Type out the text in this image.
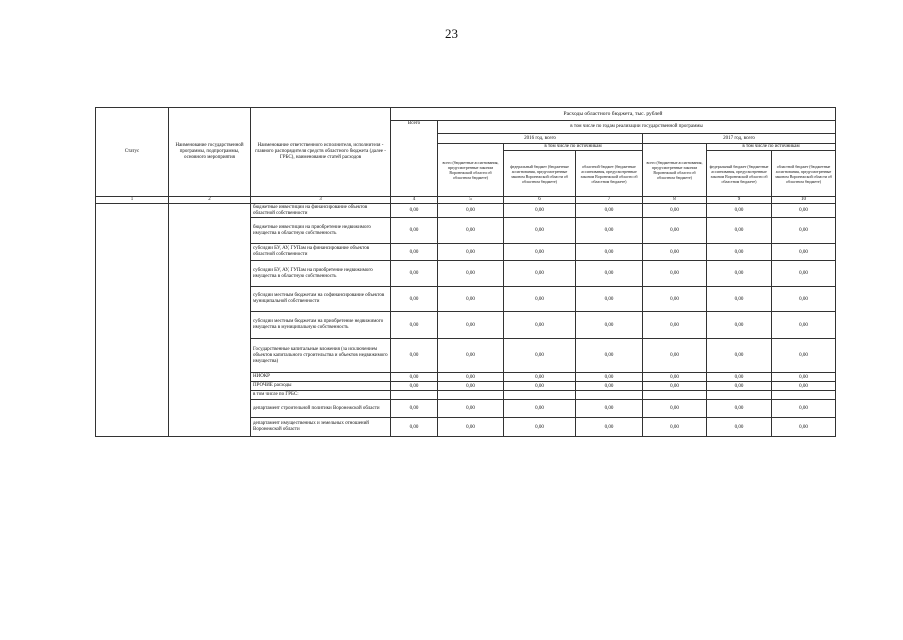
23
Статус	Наименование государственной программы, подпрограммы, основного мероприятия	Наименование ответственного исполнителя, исполнителя - главного распорядителя средств областного бюджета (далее - ГРБС), наименование статей расходов	Расходы областного бюджета, тыс. рублей						
			Всего	в том числе по годам реализации государственной программы					
				2016 год, всего			2017 год, всего		
				всего (бюджетные ассигнования, предусмотренные законом Воронежской области об областном бюджете)	в том числе по источникам		всего (бюджетные ассигнования, предусмотренные законом Воронежской области об областном бюджете)	в том числе по источникам	
					федеральный бюджет (бюджетные ассигнования, предусмотренные законом Воронежской области об областном бюджете)	областной бюджет (бюджетные ассигнования, предусмотренные законом Воронежской области об областном бюджете)		федеральный бюджет (бюджетные ассигнования, предусмотренные законом Воронежской области об областном бюджете)	областной бюджет (бюджетные ассигнования, предусмотренные законом Воронежской области об областном бюджете)
1	2	3	4	5	6	7	8	9	10
		бюджетные инвестиции на финансирование объектов областной собственности	0,00	0,00	0,00	0,00	0,00	0,00	0,00
		бюджетные инвестиции на приобретение недвижимого имущества в областную собственность	0,00	0,00	0,00	0,00	0,00	0,00	0,00
		субсидии БУ, АУ, ГУПам на финансирование объектов областной собственности	0,00	0,00	0,00	0,00	0,00	0,00	0,00
		субсидии БУ, АУ, ГУПам на приобретение недвижимого имущества в областную собственность	0,00	0,00	0,00	0,00	0,00	0,00	0,00
		субсидии местным бюджетам на софинансирование объектов муниципальной собственности	0,00	0,00	0,00	0,00	0,00	0,00	0,00
		субсидии местным бюджетам на приобретение недвижимого имущества в муниципальную собственность	0,00	0,00	0,00	0,00	0,00	0,00	0,00
		Государственные капитальные вложения (за исключением объектов капитального строительства и объектов недвижимого имущества)	0,00	0,00	0,00	0,00	0,00	0,00	0,00
		НИОКР	0,00	0,00	0,00	0,00	0,00	0,00	0,00
		ПРОЧИЕ расходы	0,00	0,00	0,00	0,00	0,00	0,00	0,00
		в том числе по ГРБС:							
		департамент строительной политики Воронежской области	0,00	0,00	0,00	0,00	0,00	0,00	0,00
		департамент имущественных и земельных отношений Воронежской области	0,00	0,00	0,00	0,00	0,00	0,00	0,00
